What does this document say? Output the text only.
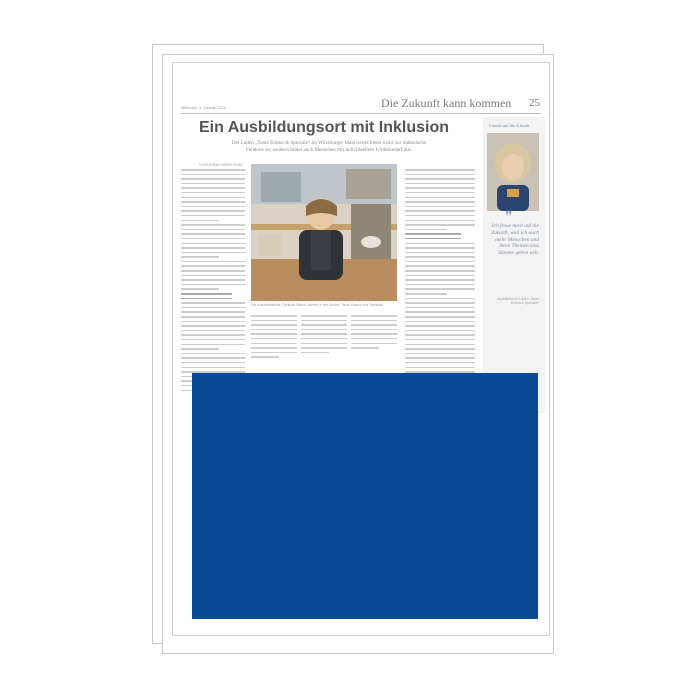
Mittwoch, 3. Januar 2024	Die Zukunft kann kommen 25
Ein Ausbildungsort mit Inklusion
Der Laden „Tante Emma & Speziale“ im Würzburger Mainviertel bietet nicht nur italienische Feinkost an, sondern bildet auch Menschen mit individuellem Förderbedarf aus.
VON ANNA HEINSTEIN
Die Auszubildende Gerlinde Mauer lächelt in der Küche; Tante Emma und Speziale.
Freude auf die Zukunft
❞
Ich freue mich auf die Zukunft, weil ich auch mehr Menschen und ihren Themen eine Stimme geben will.
Ausbilderin im Laden „Tante Emma & Speziale“
